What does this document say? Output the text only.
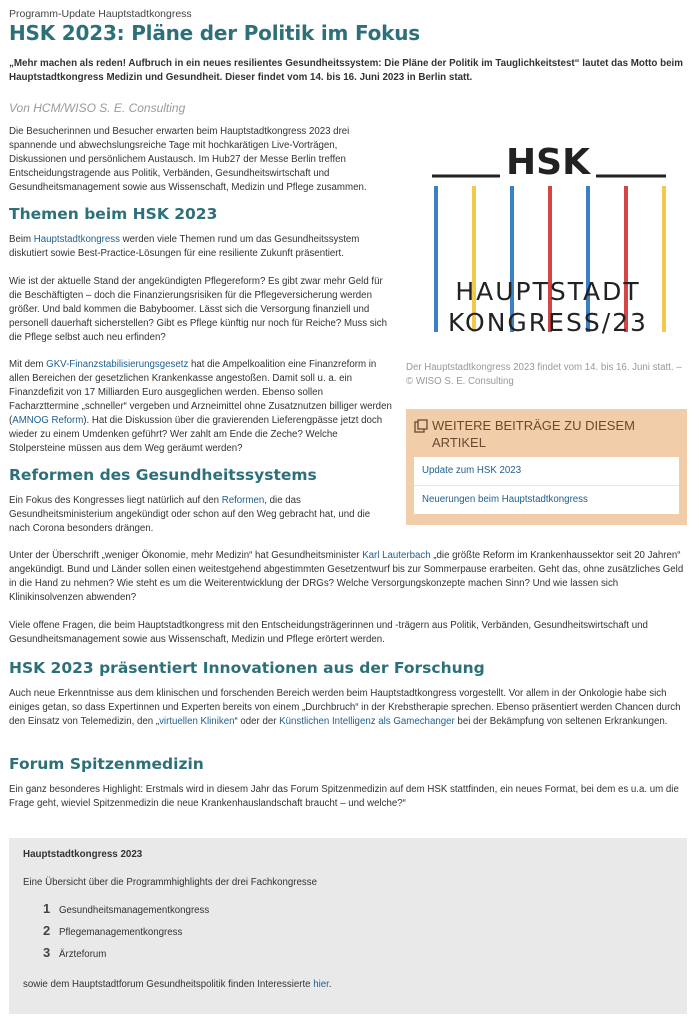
Programm-Update Hauptstadtkongress
HSK 2023: Pläne der Politik im Fokus

„Mehr machen als reden! Aufbruch in ein neues resilientes Gesundheitssystem: Die Pläne der Politik im Tauglichkeitstest“ lautet das Motto beim Hauptstadtkongress Medizin und Gesundheit. Dieser findet vom 14. bis 16. Juni 2023 in Berlin statt.

Von HCM/WISO S. E. Consulting

Die Besucherinnen und Besucher erwarten beim Hauptstadtkongress 2023 drei spannende und abwechslungsreiche Tage mit hochkarätigen Live-Vorträgen, Diskussionen und persönlichem Austausch. Im Hub27 der Messe Berlin treffen Entscheidungstragende aus Politik, Verbänden, Gesundheitswirtschaft und Gesundheitsmanagement sowie aus Wissenschaft, Medizin und Pflege zusammen.

Themen beim HSK 2023

Beim Hauptstadtkongress werden viele Themen rund um das Gesundheitssystem diskutiert sowie Best-Practice-Lösungen für eine resiliente Zukunft präsentiert.

Wie ist der aktuelle Stand der angekündigten Pflegereform? Es gibt zwar mehr Geld für die Beschäftigten – doch die Finanzierungsrisiken für die Pflegeversicherung werden größer. Und bald kommen die Babyboomer. Lässt sich die Versorgung finanziell und personell dauerhaft sicherstellen? Gibt es Pflege künftig nur noch für Reiche? Muss sich die Pflege selbst auch neu erfinden?

Mit dem GKV-Finanzstabilisierungsgesetz hat die Ampelkoalition eine Finanzreform in allen Bereichen der gesetzlichen Krankenkasse angestoßen. Damit soll u. a. ein Finanzdefizit von 17 Milliarden Euro ausgeglichen werden. Ebenso sollen Facharzttermine „schneller“ vergeben und Arzneimittel ohne Zusatznutzen billiger werden (AMNOG Reform). Hat die Diskussion über die gravierenden Lieferengpässe jetzt doch wieder zu einem Umdenken geführt? Wer zahlt am Ende die Zeche? Welche Stolpersteine müssen aus dem Weg geräumt werden?

Reformen des Gesundheitssystems

Ein Fokus des Kongresses liegt natürlich auf den Reformen, die das Gesundheitsministerium angekündigt oder schon auf den Weg gebracht hat, und die nach Corona besonders drängen.

Unter der Überschrift „weniger Ökonomie, mehr Medizin“ hat Gesundheitsminister Karl Lauterbach „die größte Reform im Krankenhaussektor seit 20 Jahren“ angekündigt. Bund und Länder sollen einen weitestgehend abgestimmten Gesetzentwurf bis zur Sommerpause erarbeiten. Geht das, ohne zusätzliches Geld in die Hand zu nehmen? Wie steht es um die Weiterentwicklung der DRGs? Welche Versorgungskonzepte machen Sinn? Und wie lassen sich Klinikinsolvenzen abwenden?

Viele offene Fragen, die beim Hauptstadtkongress mit den Entscheidungsträgerinnen und -trägern aus Politik, Verbänden, Gesundheitswirtschaft und Gesundheitsmanagement sowie aus Wissenschaft, Medizin und Pflege erörtert werden.

HSK 2023 präsentiert Innovationen aus der Forschung

Auch neue Erkenntnisse aus dem klinischen und forschenden Bereich werden beim Hauptstadtkongress vorgestellt. Vor allem in der Onkologie habe sich einiges getan, so dass Expertinnen und Experten bereits von einem „Durchbruch“ in der Krebstherapie sprechen. Ebenso präsentiert werden Chancen durch den Einsatz von Telemedizin, den „virtuellen Kliniken“ oder der Künstlichen Intelligenz als Gamechanger bei der Bekämpfung von seltenen Erkrankungen.

Forum Spitzenmedizin

Ein ganz besonderes Highlight: Erstmals wird in diesem Jahr das Forum Spitzenmedizin auf dem HSK stattfinden, ein neues Format, bei dem es u.a. um die Frage geht, wieviel Spitzenmedizin die neue Krankenhauslandschaft braucht – und welche?“

HSK
HAUPTSTADT
KONGRESS/23

Der Hauptstadtkongress 2023 findet vom 14. bis 16. Juni statt. – © WISO S. E. Consulting

WEITERE BEITRÄGE ZU DIESEM ARTIKEL
Update zum HSK 2023
Neuerungen beim Hauptstadtkongress
Hauptstadtkongress 2023
Eine Übersicht über die Programmhighlights der drei Fachkongresse
1 Gesundheitsmanagementkongress
2 Pflegemanagementkongress
3 Ärzteforum
sowie dem Hauptstadtforum Gesundheitspolitik finden Interessierte hier.
